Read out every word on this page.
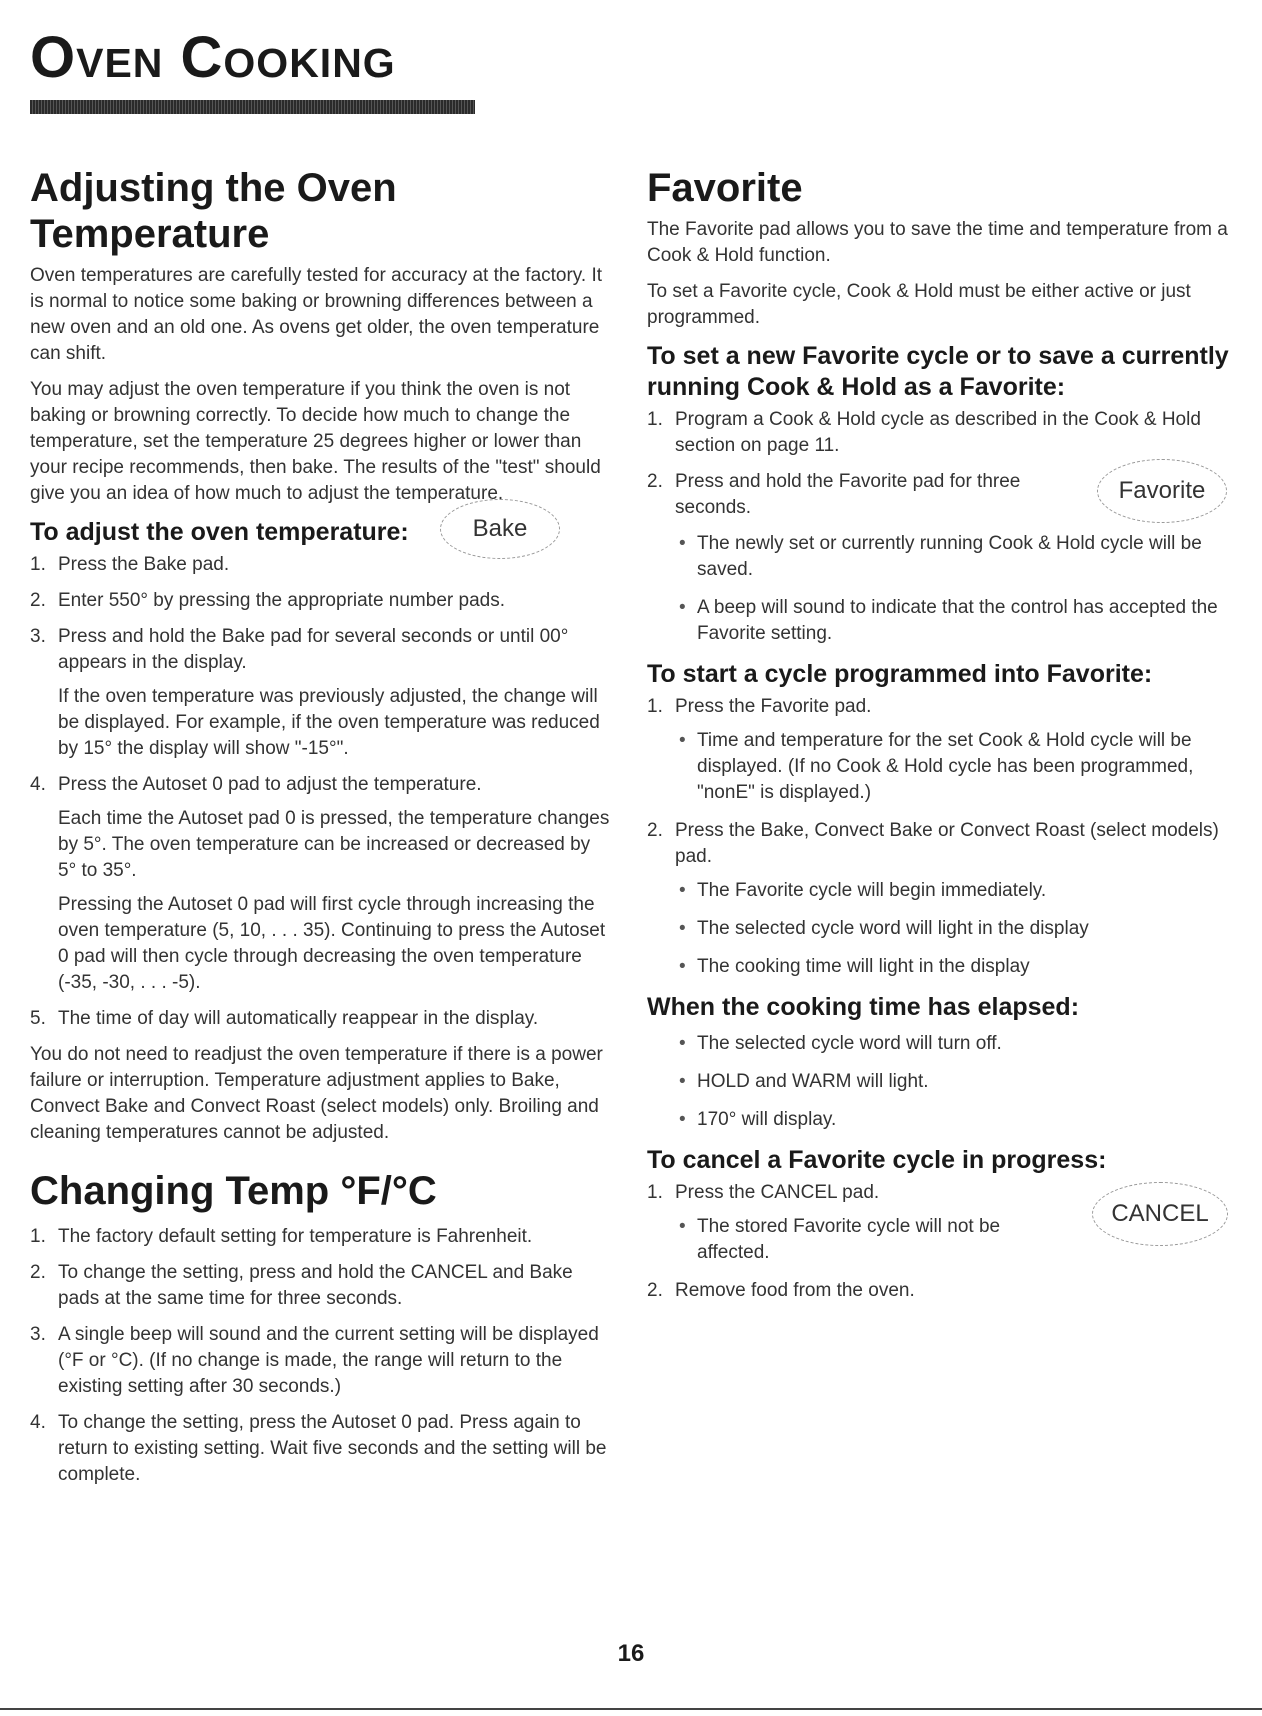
Oven Cooking
Adjusting the Oven Temperature

Oven temperatures are carefully tested for accuracy at the factory. It is normal to notice some baking or browning differences between a new oven and an old one. As ovens get older, the oven temperature can shift.

You may adjust the oven temperature if you think the oven is not baking or browning correctly. To decide how much to change the temperature, set the temperature 25 degrees higher or lower than your recipe recommends, then bake. The results of the "test" should give you an idea of how much to adjust the temperature.

To adjust the oven temperature:	Bake
1. Press the Bake pad.
2. Enter 550° by pressing the appropriate number pads.
3. Press and hold the Bake pad for several seconds or until 00° appears in the display.
If the oven temperature was previously adjusted, the change will be displayed. For example, if the oven temperature was reduced by 15° the display will show "-15°".
4. Press the Autoset 0 pad to adjust the temperature.
Each time the Autoset pad 0 is pressed, the temperature changes by 5°. The oven temperature can be increased or decreased by 5° to 35°.
Pressing the Autoset 0 pad will first cycle through increasing the oven temperature (5, 10, . . . 35). Continuing to press the Autoset 0 pad will then cycle through decreasing the oven temperature (-35, -30, . . . -5).
5. The time of day will automatically reappear in the display.

You do not need to readjust the oven temperature if there is a power failure or interruption. Temperature adjustment applies to Bake, Convect Bake and Convect Roast (select models) only. Broiling and cleaning temperatures cannot be adjusted.

Changing Temp °F/°C
1. The factory default setting for temperature is Fahrenheit.
2. To change the setting, press and hold the CANCEL and Bake pads at the same time for three seconds.
3. A single beep will sound and the current setting will be displayed (°F or °C). (If no change is made, the range will return to the existing setting after 30 seconds.)
4. To change the setting, press the Autoset 0 pad. Press again to return to existing setting. Wait five seconds and the setting will be complete.
Favorite

The Favorite pad allows you to save the time and temperature from a Cook & Hold function.

To set a Favorite cycle, Cook & Hold must be either active or just programmed.

To set a new Favorite cycle or to save a currently running Cook & Hold as a Favorite:
1. Program a Cook & Hold cycle as described in the Cook & Hold section on page 11.
2. Press and hold the Favorite pad for three seconds.
Favorite
• The newly set or currently running Cook & Hold cycle will be saved.
• A beep will sound to indicate that the control has accepted the Favorite setting.
To start a cycle programmed into Favorite:
1. Press the Favorite pad.
• Time and temperature for the set Cook & Hold cycle will be displayed. (If no Cook & Hold cycle has been programmed, "nonE" is displayed.)
2. Press the Bake, Convect Bake or Convect Roast (select models) pad.
• The Favorite cycle will begin immediately.
• The selected cycle word will light in the display
• The cooking time will light in the display
When the cooking time has elapsed:
• The selected cycle word will turn off.
• HOLD and WARM will light.
• 170° will display.
To cancel a Favorite cycle in progress:
1. Press the CANCEL pad.
CANCEL
• The stored Favorite cycle will not be affected.
2. Remove food from the oven.
16
